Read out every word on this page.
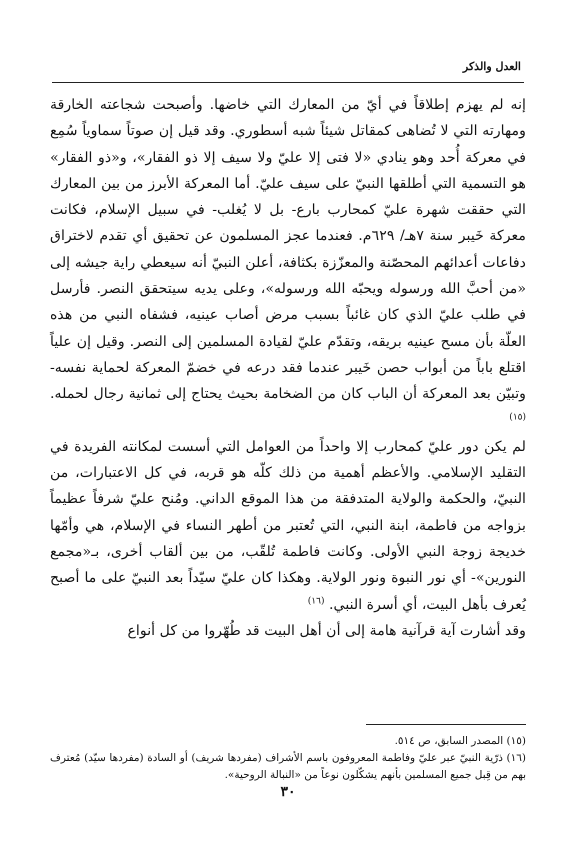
العدل والذكر

إنه لم يهزم إطلاقاً في أيّ من المعارك التي خاضها. وأصبحت شجاعته الخارقة ومهارته التي لا تُضاهى كمقاتل شيئاً شبه أسطوري. وقد قيل إن صوتاً سماوياً سُمِع في معركة أُحد وهو ينادي «لا فتى إلا عليّ ولا سيف إلا ذو الفقار»، و«ذو الفقار» هو التسمية التي أطلقها النبيّ على سيف عليّ. أما المعركة الأبرز من بين المعارك التي حققت شهرة عليّ كمحارب بارع- بل لا يُغلب- في سبيل الإسلام، فكانت معركة خَيبر سنة ٧هـ/ ٦٢٩م. فعندما عجز المسلمون عن تحقيق أي تقدم لاختراق دفاعات أعدائهم المحصّنة والمعزّزة بكثافة، أعلن النبيّ أنه سيعطي راية جيشه إلى «من أحبَّ الله ورسوله ويحبّه الله ورسوله»، وعلى يديه سيتحقق النصر. فأرسل في طلب عليّ الذي كان غائباً بسبب مرض أصاب عينيه، فشفاه النبي من هذه العلّة بأن مسح عينيه بريقه، وتقدّم عليّ لقيادة المسلمين إلى النصر. وقيل إن علياً اقتلع باباً من أبواب حصن خَيبر عندما فقد درعه في خضمّ المعركة لحماية نفسه- وتبيّن بعد المعركة أن الباب كان من الضخامة بحيث يحتاج إلى ثمانية رجال لحمله. $^{(١٥)}$

لم يكن دور عليّ كمحارب إلا واحداً من العوامل التي أسست لمكانته الفريدة في التقليد الإسلامي. والأعظم أهمية من ذلك كلّه هو قربه، في كل الاعتبارات، من النبيّ، والحكمة والولاية المتدفقة من هذا الموقع الداني. ومُنح عليّ شرفاً عظيماً بزواجه من فاطمة، ابنة النبي، التي تُعتبر من أطهر النساء في الإسلام، هي وأمّها خديجة زوجة النبي الأولى. وكانت فاطمة تُلقّب، من بين ألقاب أخرى، بـ«مجمع النورين»- أي نور النبوة ونور الولاية. وهكذا كان عليّ سيّداً بعد النبيّ على ما أصبح يُعرف بأهل البيت، أي أسرة النبي. $^{(١٦)}$

وقد أشارت آية قرآنية هامة إلى أن أهل البيت قد طُهّروا من كل أنواع

(١٥) المصدر السابق، ص ٥١٤.

(١٦) ذرّية النبيّ عبر عليّ وفاطمة المعروفون باسم الأشراف (مفردها شريف) أو السادة (مفردها سيّد) مُعترف بهم من قِبل جميع المسلمين بأنهم يشكّلون نوعاً من «النبالة الروحية».

٣٠
